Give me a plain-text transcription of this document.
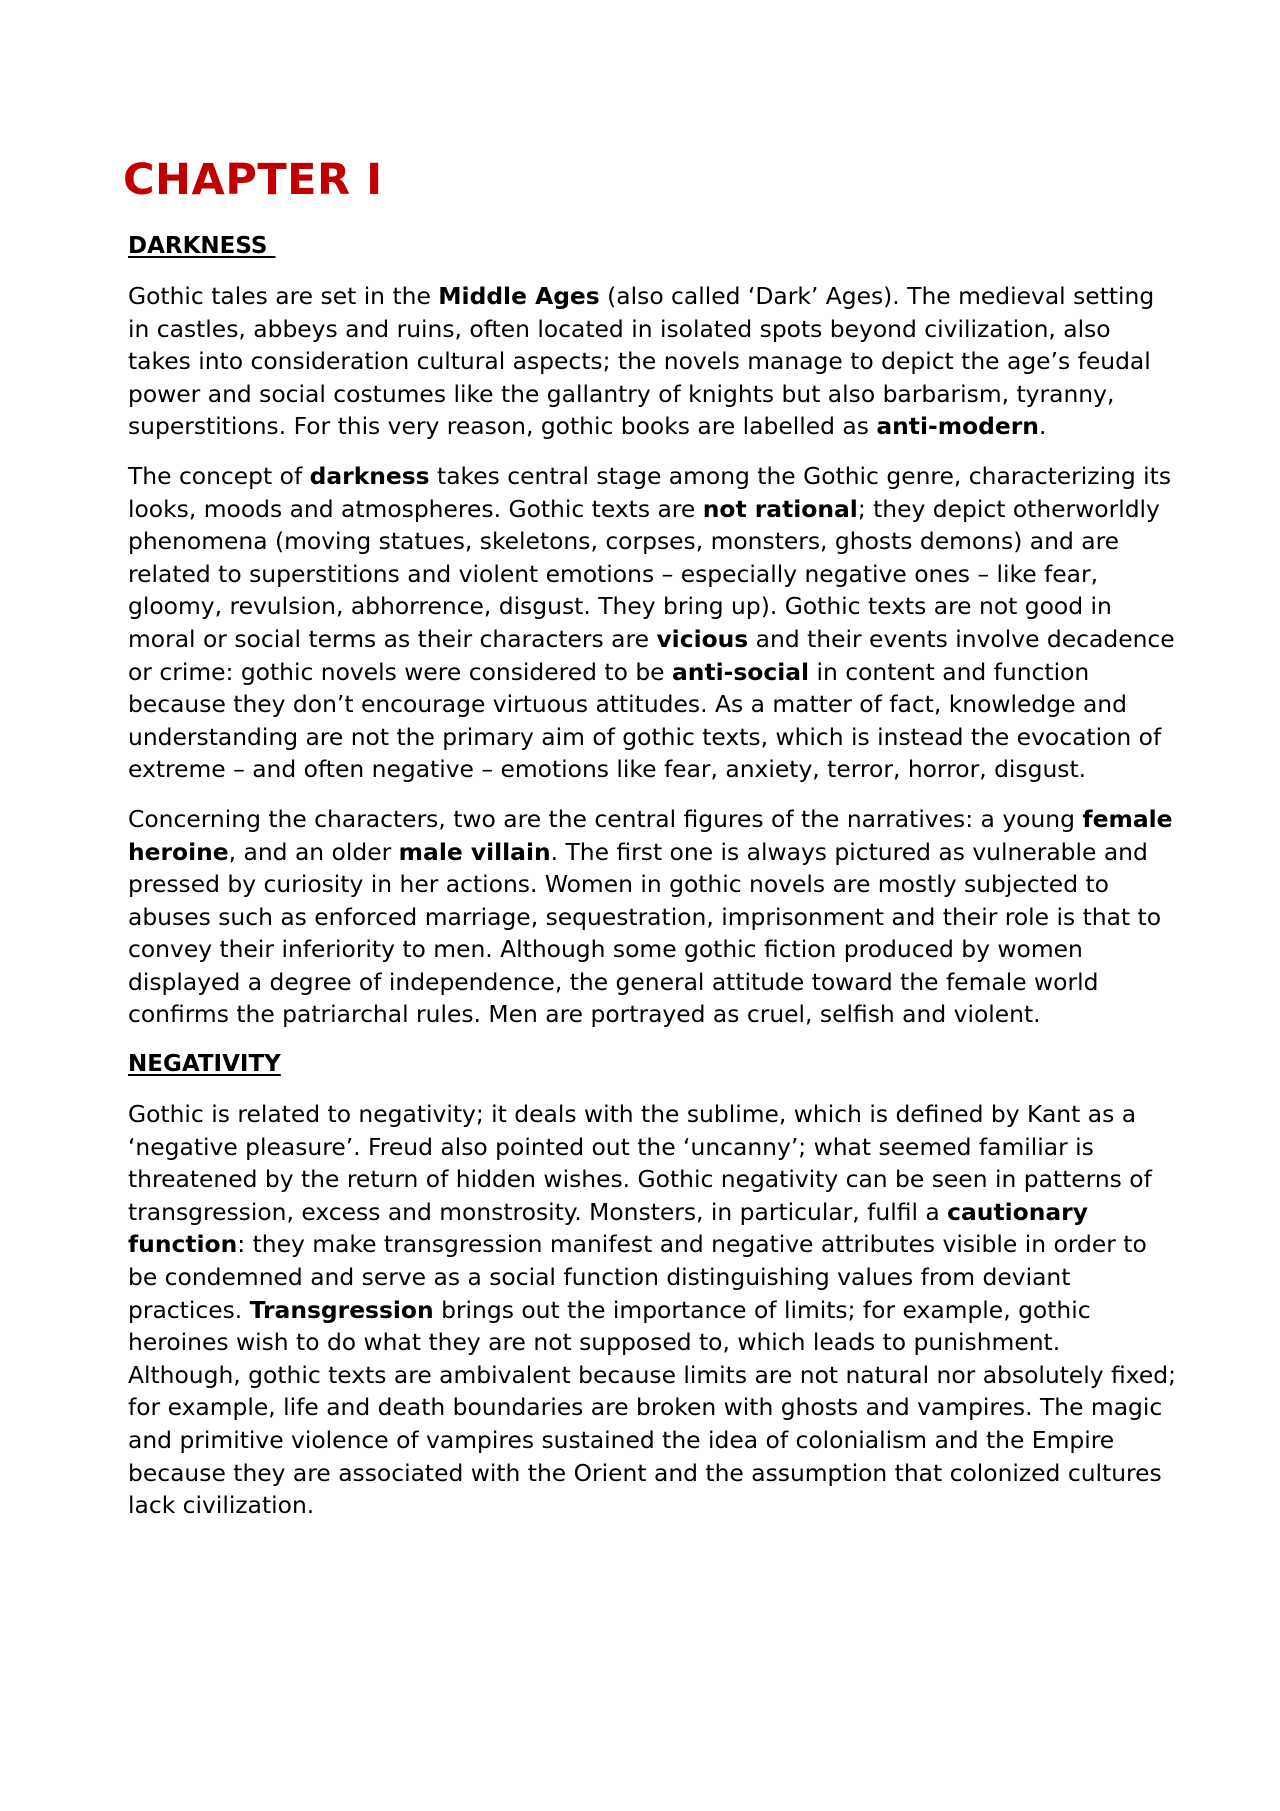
CHAPTER I
DARKNESS

Gothic tales are set in the Middle Ages (also called ‘Dark’ Ages). The medieval setting in castles, abbeys and ruins, often located in isolated spots beyond civilization, also takes into consideration cultural aspects; the novels manage to depict the age’s feudal power and social costumes like the gallantry of knights but also barbarism, tyranny, superstitions. For this very reason, gothic books are labelled as anti-modern.

The concept of darkness takes central stage among the Gothic genre, characterizing its looks, moods and atmospheres. Gothic texts are not rational; they depict otherworldly phenomena (moving statues, skeletons, corpses, monsters, ghosts demons) and are related to superstitions and violent emotions – especially negative ones – like fear, gloomy, revulsion, abhorrence, disgust. They bring up). Gothic texts are not good in moral or social terms as their characters are vicious and their events involve decadence or crime: gothic novels were considered to be anti-social in content and function because they don’t encourage virtuous attitudes. As a matter of fact, knowledge and understanding are not the primary aim of gothic texts, which is instead the evocation of extreme – and often negative – emotions like fear, anxiety, terror, horror, disgust.

Concerning the characters, two are the central figures of the narratives: a young female heroine, and an older male villain. The first one is always pictured as vulnerable and pressed by curiosity in her actions. Women in gothic novels are mostly subjected to abuses such as enforced marriage, sequestration, imprisonment and their role is that to convey their inferiority to men. Although some gothic fiction produced by women displayed a degree of independence, the general attitude toward the female world confirms the patriarchal rules. Men are portrayed as cruel, selfish and violent.

NEGATIVITY

Gothic is related to negativity; it deals with the sublime, which is defined by Kant as a ‘negative pleasure’. Freud also pointed out the ‘uncanny’; what seemed familiar is threatened by the return of hidden wishes. Gothic negativity can be seen in patterns of transgression, excess and monstrosity. Monsters, in particular, fulfil a cautionary function: they make transgression manifest and negative attributes visible in order to be condemned and serve as a social function distinguishing values from deviant practices. Transgression brings out the importance of limits; for example, gothic heroines wish to do what they are not supposed to, which leads to punishment. Although, gothic texts are ambivalent because limits are not natural nor absolutely fixed; for example, life and death boundaries are broken with ghosts and vampires. The magic and primitive violence of vampires sustained the idea of colonialism and the Empire because they are associated with the Orient and the assumption that colonized cultures lack civilization.
